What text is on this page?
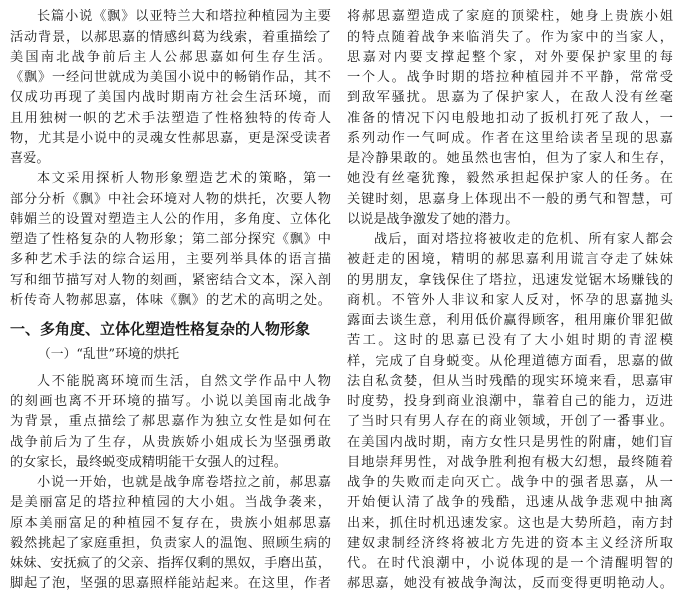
长篇小说《飘》以亚特兰大和塔拉种植园为主要
活动背景，以郝思嘉的情感纠葛为线索，着重描绘了
美国南北战争前后主人公郝思嘉如何生存生活。
《飘》一经问世就成为美国小说中的畅销作品，其不
仅成功再现了美国内战时期南方社会生活环境，而
且用独树一帜的艺术手法塑造了性格独特的传奇人
物，尤其是小说中的灵魂女性郝思嘉，更是深受读者
喜爱。
本文采用探析人物形象塑造艺术的策略，第一
部分分析《飘》中社会环境对人物的烘托，次要人物
韩媚兰的设置对塑造主人公的作用，多角度、立体化
塑造了性格复杂的人物形象；第二部分探究《飘》中
多种艺术手法的综合运用，主要列举具体的语言描
写和细节描写对人物的刻画，紧密结合文本，深入剖
析传奇人物郝思嘉，体味《飘》的艺术的高明之处。
一、多角度、立体化塑造性格复杂的人物形象
（一）“乱世”环境的烘托
人不能脱离环境而生活，自然文学作品中人物
的刻画也离不开环境的描写。小说以美国南北战争
为背景，重点描绘了郝思嘉作为独立女性是如何在
战争前后为了生存，从贵族娇小姐成长为坚强勇敢
的女家长，最终蜕变成精明能干女强人的过程。
小说一开始，也就是战争席卷塔拉之前，郝思嘉
是美丽富足的塔拉种植园的大小姐。当战争袭来，
原本美丽富足的种植园不复存在，贵族小姐郝思嘉
毅然挑起了家庭重担，负责家人的温饱、照顾生病的
妹妹、安抚疯了的父亲、指挥仅剩的黑奴，手磨出茧，
脚起了泡，坚强的思嘉照样能站起来。在这里，作者
将郝思嘉塑造成了家庭的顶梁柱，她身上贵族小姐
的特点随着战争来临消失了。作为家中的当家人，
思嘉对内要支撑起整个家，对外要保护家里的每
一个人。战争时期的塔拉种植园并不平静，常常受
到敌军骚扰。思嘉为了保护家人，在敌人没有丝毫
准备的情况下闪电般地扣动了扳机打死了敌人，一
系列动作一气呵成。作者在这里给读者呈现的思嘉
是冷静果敢的。她虽然也害怕，但为了家人和生存，
她没有丝毫犹豫，毅然承担起保护家人的任务。在
关键时刻，思嘉身上体现出不一般的勇气和智慧，可
以说是战争激发了她的潜力。
战后，面对塔拉将被收走的危机、所有家人都会
被赶走的困境，精明的郝思嘉利用谎言夺走了妹妹
的男朋友，拿钱保住了塔拉，迅速发觉锯木场赚钱的
商机。不管外人非议和家人反对，怀孕的思嘉抛头
露面去谈生意，利用低价赢得顾客，租用廉价罪犯做
苦工。这时的思嘉已没有了大小姐时期的青涩模
样，完成了自身蜕变。从伦理道德方面看，思嘉的做
法自私贪婪，但从当时残酷的现实环境来看，思嘉审
时度势，投身到商业浪潮中，靠着自己的能力，迈进
了当时只有男人存在的商业领域，开创了一番事业。
在美国内战时期，南方女性只是男性的附庸，她们盲
目地崇拜男性，对战争胜利抱有极大幻想，最终随着
战争的失败而走向灭亡。战争中的强者思嘉，从一
开始便认清了战争的残酷，迅速从战争悲观中抽离
出来，抓住时机迅速发家。这也是大势所趋，南方封
建奴隶制经济终将被北方先进的资本主义经济所取
代。在时代浪潮中，小说体现的是一个清醒明智的
郝思嘉，她没有被战争淘汰，反而变得更明艳动人。
